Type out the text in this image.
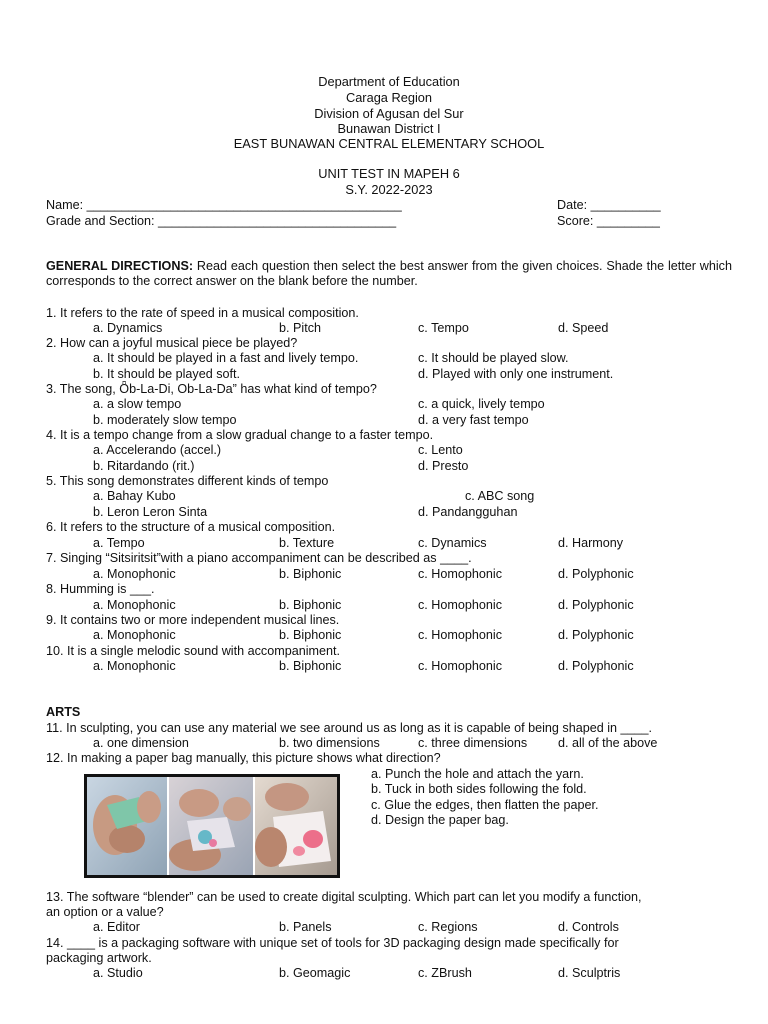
Department of Education
Caraga Region
Division of Agusan del Sur
Bunawan District I
EAST BUNAWAN CENTRAL ELEMENTARY SCHOOL
UNIT TEST IN MAPEH 6
S.Y. 2022-2023
Name: _____________________________________________	Date: __________
Grade and Section: __________________________________	Score: _________
GENERAL DIRECTIONS: Read each question then select the best answer from the given choices. Shade the letter which corresponds to the correct answer on the blank before the number.
1. It refers to the rate of speed in a musical composition.
a. Dynamics	b. Pitch	c. Tempo	d. Speed
2. How can a joyful musical piece be played?
a. It should be played in a fast and lively tempo.	c. It should be played slow.
b. It should be played soft.	d. Played with only one instrument.
3. The song, Ȫb-La-Di, Ob-La-Da” has what kind of tempo?
a. a slow tempo	c. a quick, lively tempo
b. moderately slow tempo	d. a very fast tempo
4. It is a tempo change from a slow gradual change to a faster tempo.
a. Accelerando (accel.)	c. Lento
b. Ritardando (rit.)	d. Presto
5. This song demonstrates different kinds of tempo
a. Bahay Kubo	c. ABC song
b. Leron Leron Sinta	d. Pandangguhan
6. It refers to the structure of a musical composition.
a. Tempo	b. Texture	c. Dynamics	d. Harmony
7. Singing “Sitsiritsit”with a piano accompaniment can be described as ____.
a. Monophonic	b. Biphonic	c. Homophonic	d. Polyphonic
8. Humming is ___.
a. Monophonic	b. Biphonic	c. Homophonic	d. Polyphonic
9. It contains two or more independent musical lines.
a. Monophonic	b. Biphonic	c. Homophonic	d. Polyphonic
10. It is a single melodic sound with accompaniment.
a. Monophonic	b. Biphonic	c. Homophonic	d. Polyphonic
ARTS
11. In sculpting, you can use any material we see around us as long as it is capable of being shaped in ____.
a. one dimension	b. two dimensions	c. three dimensions d. all of the above
12. In making a paper bag manually, this picture shows what direction?
a. Punch the hole and attach the yarn.
b. Tuck in both sides following the fold.
c. Glue the edges, then flatten the paper.
d. Design the paper bag.
13. The software “blender” can be used to create digital sculpting. Which part can let you modify a function,
an option or a value?
a. Editor	b. Panels	c. Regions	d. Controls
14. ____ is a packaging software with unique set of tools for 3D packaging design made specifically for
packaging artwork.
a. Studio	b. Geomagic	c. ZBrush	d. Sculptris
